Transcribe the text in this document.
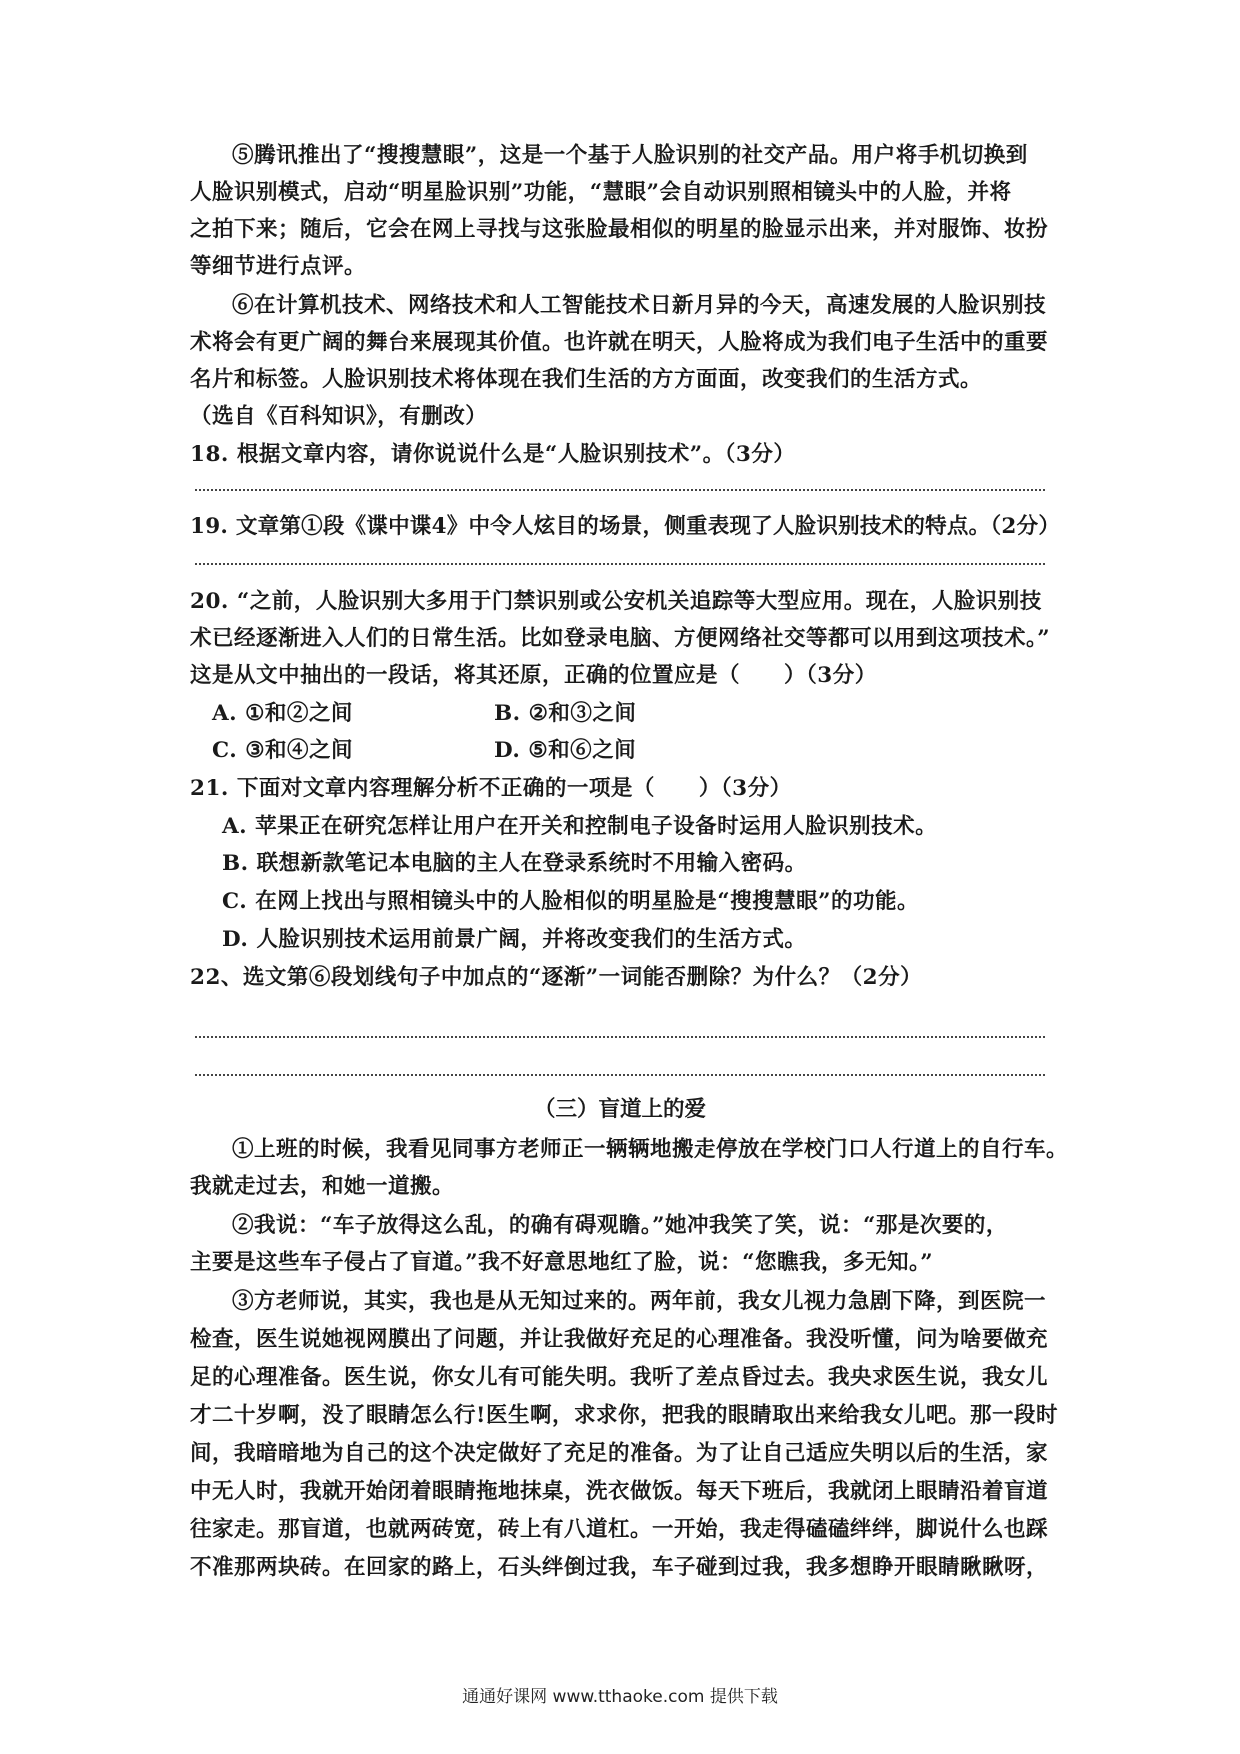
⑤腾讯推出了“搜搜慧眼”，这是一个基于人脸识别的社交产品。用户将手机切换到
人脸识别模式，启动“明星脸识别”功能，“慧眼”会自动识别照相镜头中的人脸，并将
之拍下来；随后，它会在网上寻找与这张脸最相似的明星的脸显示出来，并对服饰、妆扮
等细节进行点评。
⑥在计算机技术、网络技术和人工智能技术日新月异的今天，高速发展的人脸识别技
术将会有更广阔的舞台来展现其价值。也许就在明天，人脸将成为我们电子生活中的重要
名片和标签。人脸识别技术将体现在我们生活的方方面面，改变我们的生活方式。
（选自《百科知识》，有删改）
18. 根据文章内容，请你说说什么是“人脸识别技术”。（3分）
19. 文章第①段《谍中谍4》中令人炫目的场景，侧重表现了人脸识别技术的特点。（2分）
20. “之前，人脸识别大多用于门禁识别或公安机关追踪等大型应用。现在，人脸识别技
术已经逐渐进入人们的日常生活。比如登录电脑、方便网络社交等都可以用到这项技术。”
这是从文中抽出的一段话，将其还原，正确的位置应是（　　）（3分）
A. ①和②之间	B. ②和③之间
C. ③和④之间	D. ⑤和⑥之间
21. 下面对文章内容理解分析不正确的一项是（　　）（3分）
A. 苹果正在研究怎样让用户在开关和控制电子设备时运用人脸识别技术。
B. 联想新款笔记本电脑的主人在登录系统时不用输入密码。
C. 在网上找出与照相镜头中的人脸相似的明星脸是“搜搜慧眼”的功能。
D. 人脸识别技术运用前景广阔，并将改变我们的生活方式。
22、选文第⑥段划线句子中加点的“逐渐”一词能否删除？为什么？（2分）
（三）盲道上的爱
①上班的时候，我看见同事方老师正一辆辆地搬走停放在学校门口人行道上的自行车。
我就走过去，和她一道搬。
②我说：“车子放得这么乱，的确有碍观瞻。”她冲我笑了笑，说：“那是次要的，
主要是这些车子侵占了盲道。”我不好意思地红了脸，说：“您瞧我，多无知。”
③方老师说，其实，我也是从无知过来的。两年前，我女儿视力急剧下降，到医院一
检查，医生说她视网膜出了问题，并让我做好充足的心理准备。我没听懂，问为啥要做充
足的心理准备。医生说，你女儿有可能失明。我听了差点昏过去。我央求医生说，我女儿
才二十岁啊，没了眼睛怎么行!医生啊，求求你，把我的眼睛取出来给我女儿吧。那一段时
间，我暗暗地为自己的这个决定做好了充足的准备。为了让自己适应失明以后的生活，家
中无人时，我就开始闭着眼睛拖地抹桌，洗衣做饭。每天下班后，我就闭上眼睛沿着盲道
往家走。那盲道，也就两砖宽，砖上有八道杠。一开始，我走得磕磕绊绊，脚说什么也踩
不准那两块砖。在回家的路上，石头绊倒过我，车子碰到过我，我多想睁开眼睛瞅瞅呀，
通通好课网 www.tthaoke.com 提供下载
